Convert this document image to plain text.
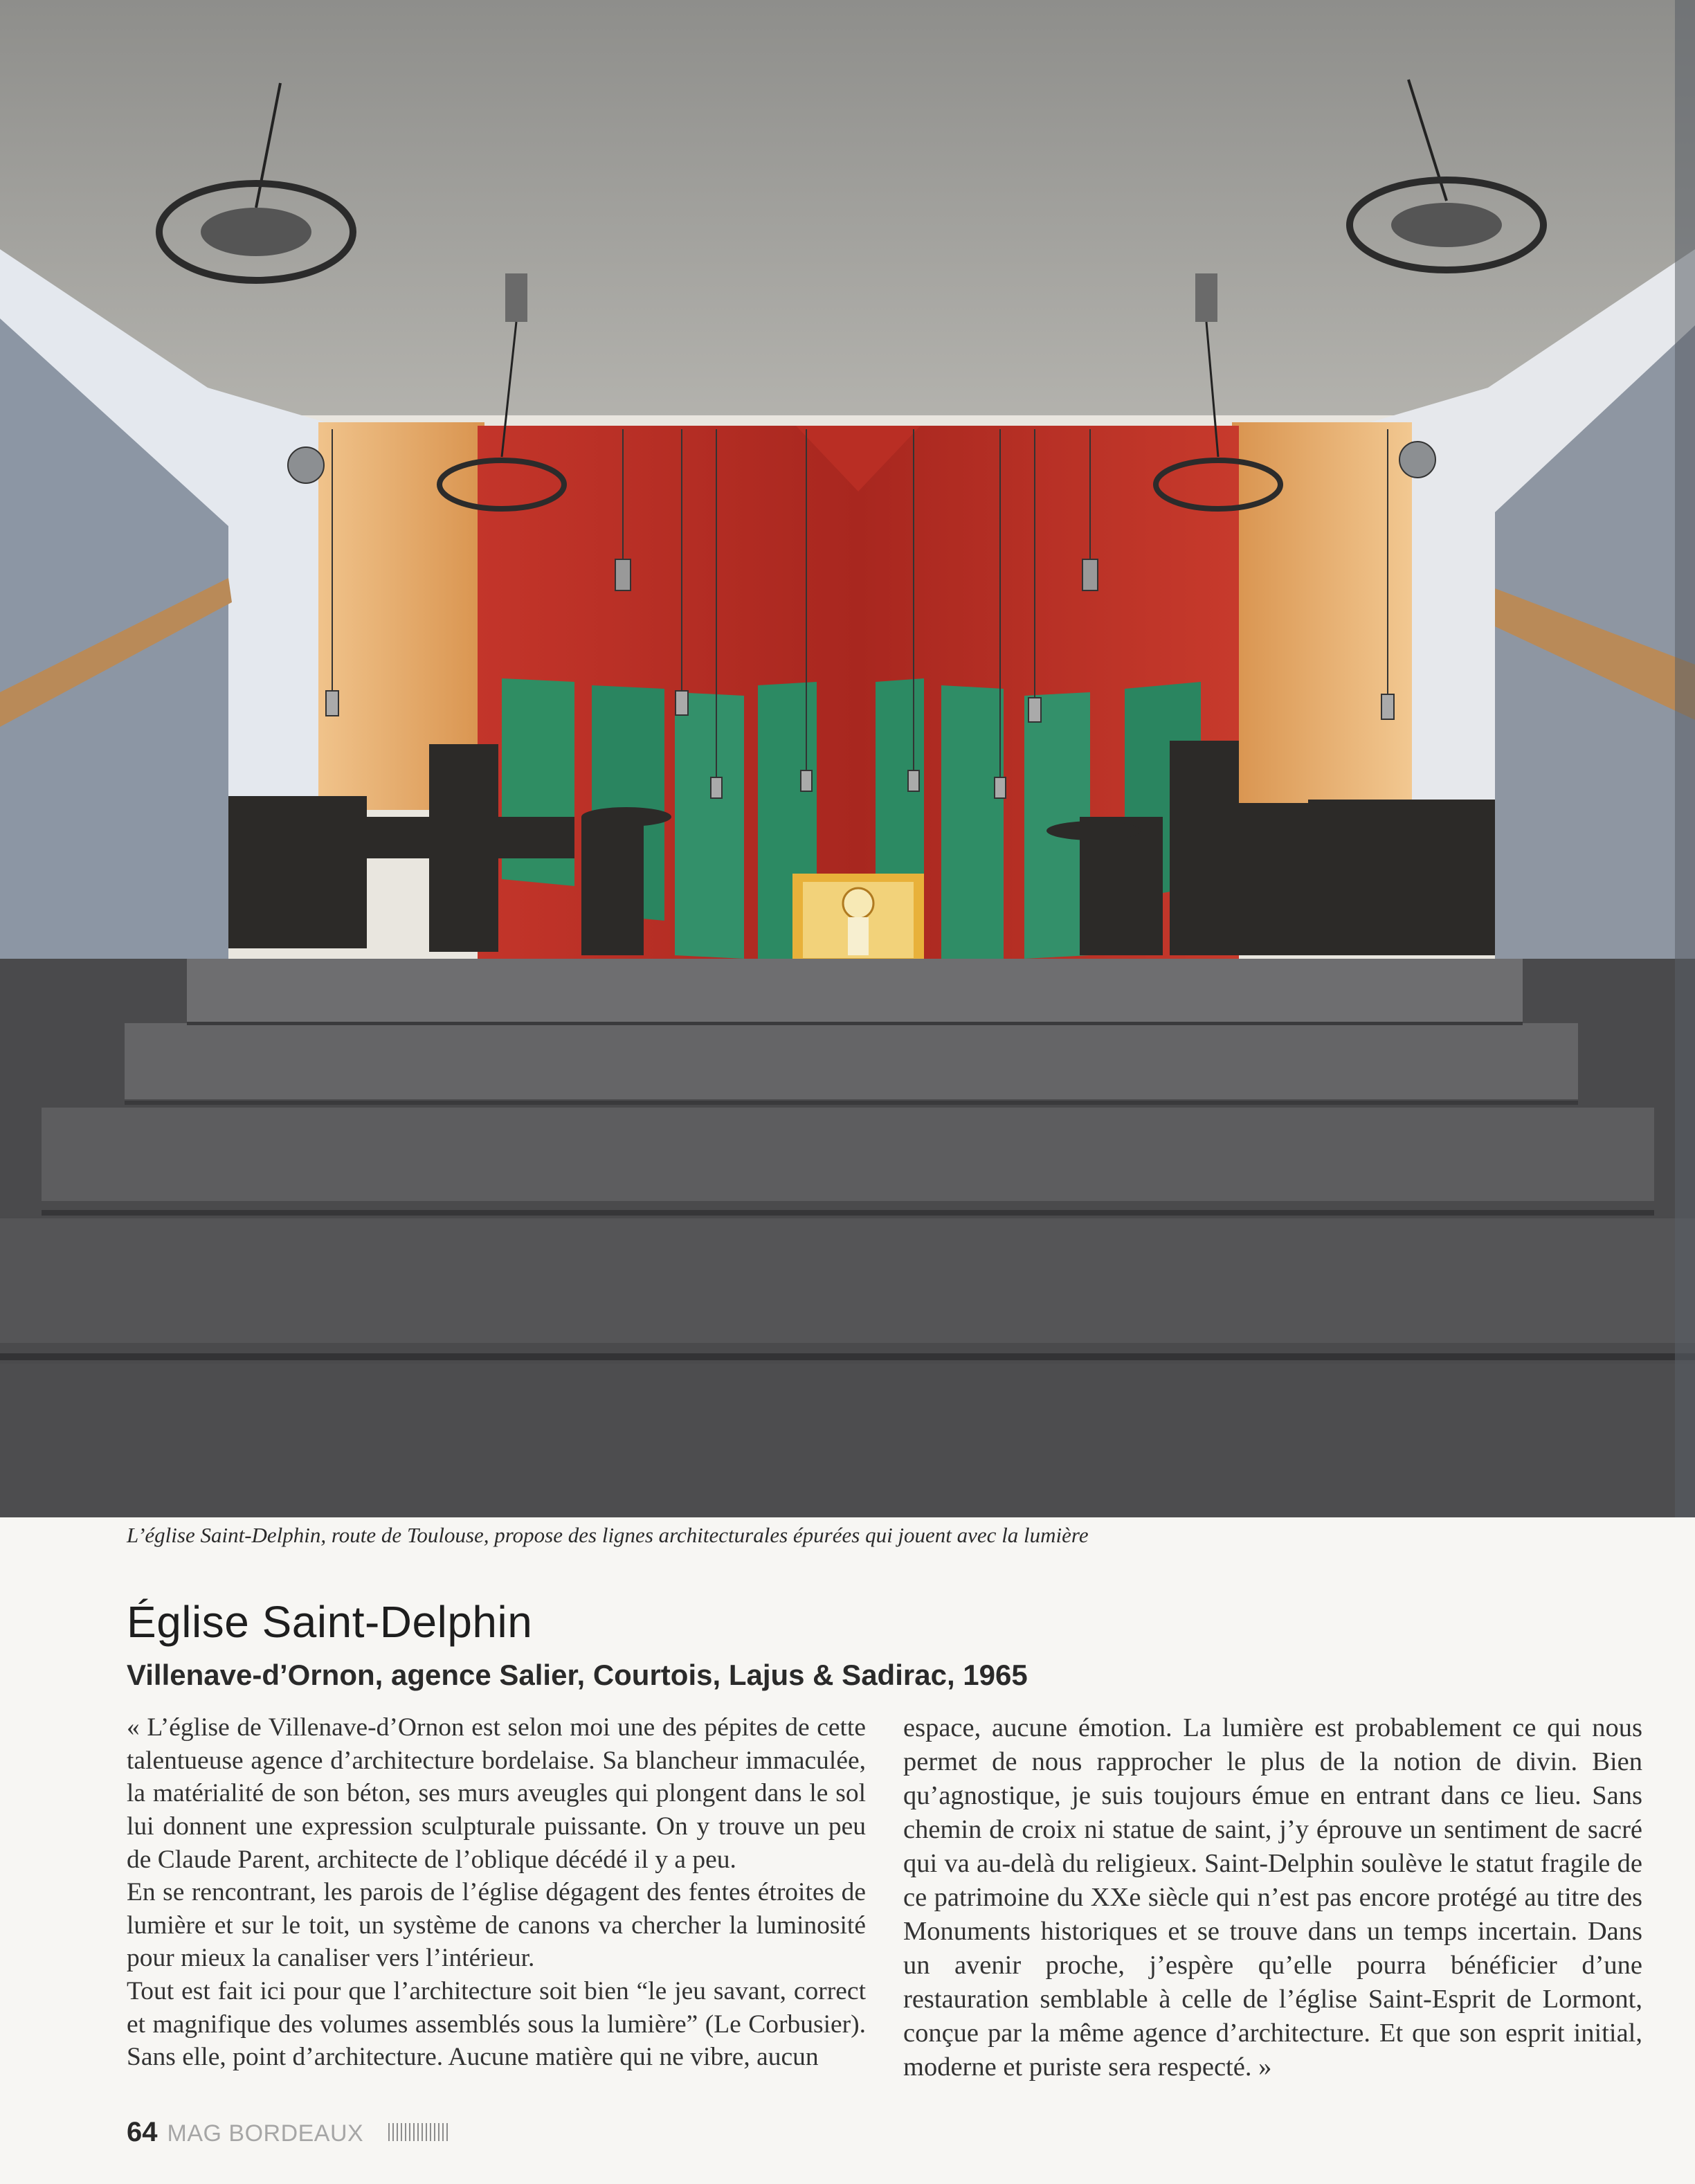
L’église Saint-Delphin, route de Toulouse, propose des lignes architecturales épurées qui jouent avec la lumière

Église Saint-Delphin
Villenave-d’Ornon, agence Salier, Courtois, Lajus & Sadirac, 1965

« L’église de Villenave-d’Ornon est selon moi une des pépites de cette talentueuse agence d’architecture bordelaise. Sa blancheur immaculée, la matérialité de son béton, ses murs aveugles qui plongent dans le sol lui donnent une expression sculpturale puissante. On y trouve un peu de Claude Parent, architecte de l’oblique décédé il y a peu.

En se rencontrant, les parois de l’église dégagent des fentes étroites de lumière et sur le toit, un système de canons va chercher la luminosité pour mieux la canaliser vers l’intérieur.

Tout est fait ici pour que l’architecture soit bien “le jeu savant, correct et magnifique des volumes assemblés sous la lumière” (Le Corbusier). Sans elle, point d’architecture. Aucune matière qui ne vibre, aucun

espace, aucune émotion. La lumière est probablement ce qui nous permet de nous rapprocher le plus de la notion de divin. Bien qu’agnostique, je suis toujours émue en entrant dans ce lieu. Sans chemin de croix ni statue de saint, j’y éprouve un sentiment de sacré qui va au-delà du religieux. Saint-Delphin soulève le statut fragile de ce patrimoine du XXe siècle qui n’est pas encore protégé au titre des Monuments historiques et se trouve dans un temps incertain. Dans un avenir proche, j’espère qu’elle pourra bénéficier d’une restauration semblable à celle de l’église Saint-Esprit de Lormont, conçue par la même agence d’architecture. Et que son esprit initial, moderne et puriste sera respecté. »

64 MAG BORDEAUX
